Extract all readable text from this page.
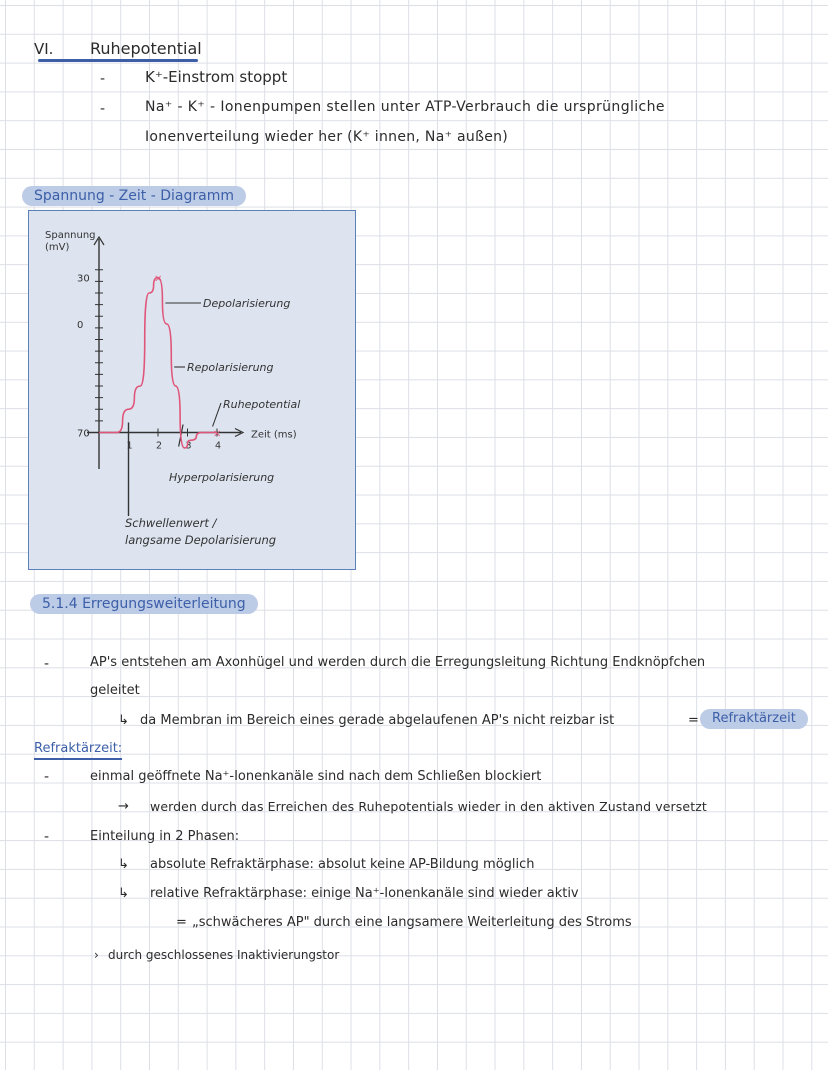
VI. Ruhepotential
-	K⁺-Einstrom stoppt
-	Na⁺ - K⁺ - Ionenpumpen stellen unter ATP-Verbrauch die ursprüngliche
Ionenverteilung wieder her (K⁺ innen, Na⁺ außen)
Spannung - Zeit - Diagramm
30
0
70
1 2 3 4
×
×
Spannung
(mV)
Zeit (ms)
Depolarisierung
Repolarisierung
Ruhepotential
Hyperpolarisierung
Schwellenwert /
langsame Depolarisierung
5.1.4 Erregungsweiterleitung
-	AP's entstehen am Axonhügel und werden durch die Erregungsleitung Richtung Endknöpfchen
geleitet
↳ da Membran im Bereich eines gerade abgelaufenen AP's nicht reizbar ist	=	Refraktärzeit
Refraktärzeit:
-	einmal geöffnete Na⁺-Ionenkanäle sind nach dem Schließen blockiert
→ werden durch das Erreichen des Ruhepotentials wieder in den aktiven Zustand versetzt
-	Einteilung in 2 Phasen:
↳ absolute Refraktärphase: absolut keine AP-Bildung möglich
↳ relative Refraktärphase: einige Na⁺-Ionenkanäle sind wieder aktiv
= „schwächeres AP" durch eine langsamere Weiterleitung des Stroms
› durch geschlossenes Inaktivierungstor
